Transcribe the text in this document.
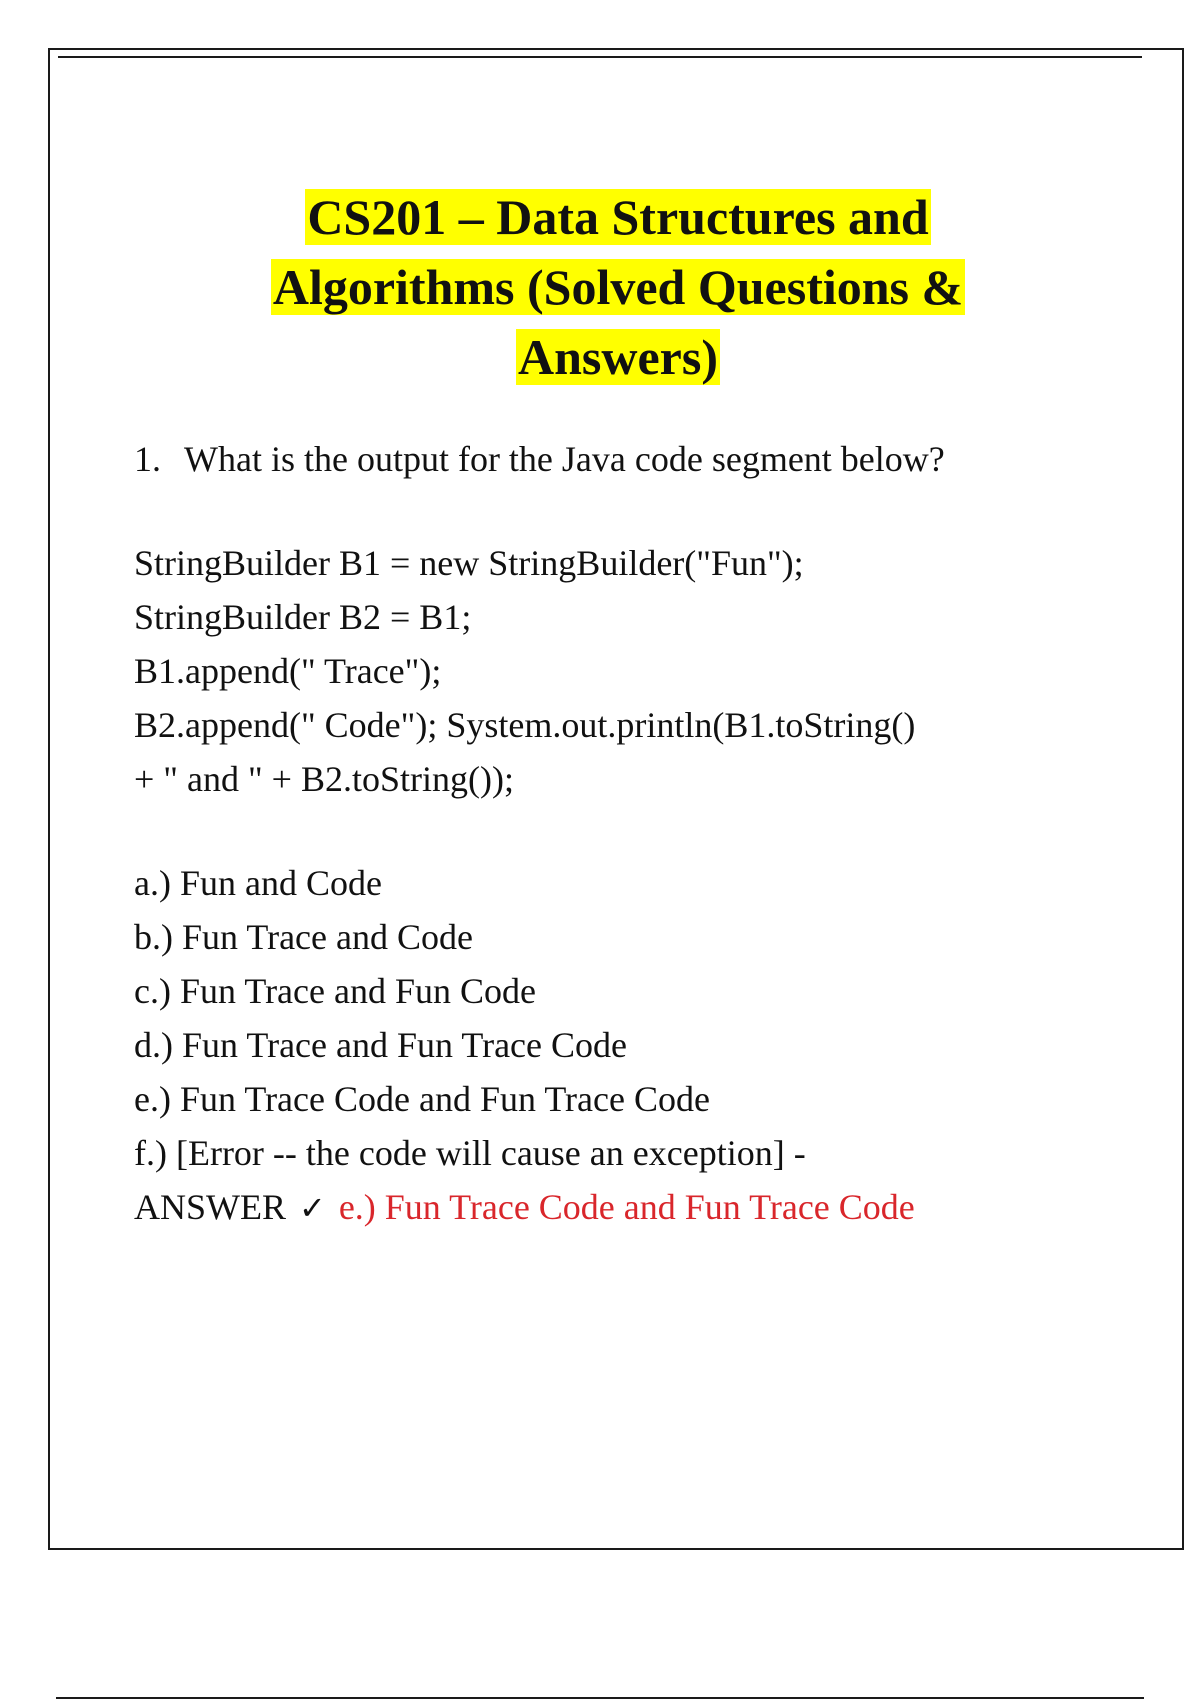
CS201 – Data Structures and
Algorithms (Solved Questions &
Answers)
1. What is the output for the Java code segment below?
StringBuilder B1 = new StringBuilder("Fun");
StringBuilder B2 = B1;
B1.append(" Trace");
B2.append(" Code"); System.out.println(B1.toString()
+ " and " + B2.toString());
a.) Fun and Code
b.) Fun Trace and Code
c.) Fun Trace and Fun Code
d.) Fun Trace and Fun Trace Code
e.) Fun Trace Code and Fun Trace Code
f.) [Error -- the code will cause an exception] -
ANSWER ✓ e.) Fun Trace Code and Fun Trace Code
